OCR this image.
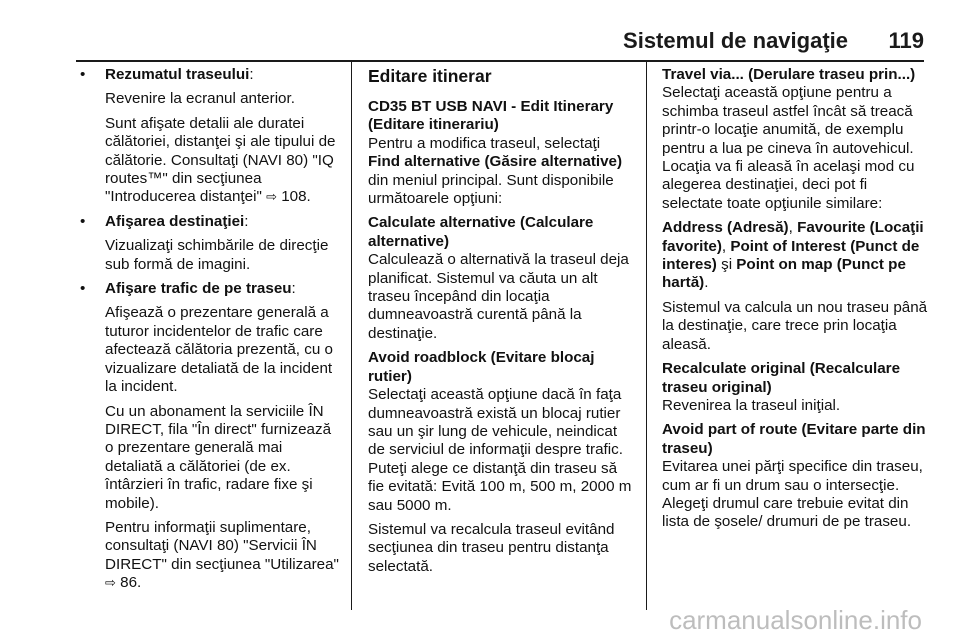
Sistemul de navigaţie 119
• Rezumatul traseului:

Revenire la ecranul anterior.

Sunt afişate detalii ale duratei călătoriei, distanţei şi ale tipului de călătorie. Consultaţi (NAVI 80) "IQ routes™" din secţiunea "Introducerea distanţei" ⇨ 108.

• Afişarea destinaţiei:

Vizualizaţi schimbările de direcţie sub formă de imagini.

• Afişare trafic de pe traseu:

Afişează o prezentare generală a tuturor incidentelor de trafic care afectează călătoria prezentă, cu o vizualizare detaliată de la incident la incident.

Cu un abonament la serviciile ÎN DIRECT, fila "În direct" furnizează o prezentare generală mai detaliată a călătoriei (de ex. întârzieri în trafic, radare fixe şi mobile).

Pentru informaţii suplimentare, consultaţi (NAVI 80) "Servicii ÎN DIRECT" din secţiunea "Utilizarea" ⇨ 86.

Editare itinerar

CD35 BT USB NAVI - Edit Itinerary (Editare itinerariu)

Pentru a modifica traseul, selectaţi Find alternative (Găsire alternative) din meniul principal. Sunt disponibile următoarele opţiuni:

Calculate alternative (Calculare alternative)

Calculează o alternativă la traseul deja planificat. Sistemul va căuta un alt traseu începând din locaţia dumneavoastră curentă până la destinaţie.

Avoid roadblock (Evitare blocaj rutier)

Selectaţi această opţiune dacă în faţa dumneavoastră există un blocaj rutier sau un şir lung de vehicule, neindicat de serviciul de informaţii despre trafic. Puteţi alege ce distanţă din traseu să fie evitată: Evită 100 m, 500 m, 2000 m sau 5000 m.

Sistemul va recalcula traseul evitând secţiunea din traseu pentru distanţa selectată.

Travel via... (Derulare traseu prin...)

Selectaţi această opţiune pentru a schimba traseul astfel încât să treacă printr-o locaţie anumită, de exemplu pentru a lua pe cineva în autovehicul. Locaţia va fi aleasă în acelaşi mod cu alegerea destinaţiei, deci pot fi selectate toate opţiunile similare:

Address (Adresă), Favourite (Locaţii favorite), Point of Interest (Punct de interes) şi Point on map (Punct pe hartă).

Sistemul va calcula un nou traseu până la destinaţie, care trece prin locaţia aleasă.

Recalculate original (Recalculare traseu original)

Revenirea la traseul iniţial.

Avoid part of route (Evitare parte din traseu)

Evitarea unei părţi specifice din traseu, cum ar fi un drum sau o intersecţie. Alegeţi drumul care trebuie evitat din lista de şosele/ drumuri de pe traseu.

carmanualsonline.info
